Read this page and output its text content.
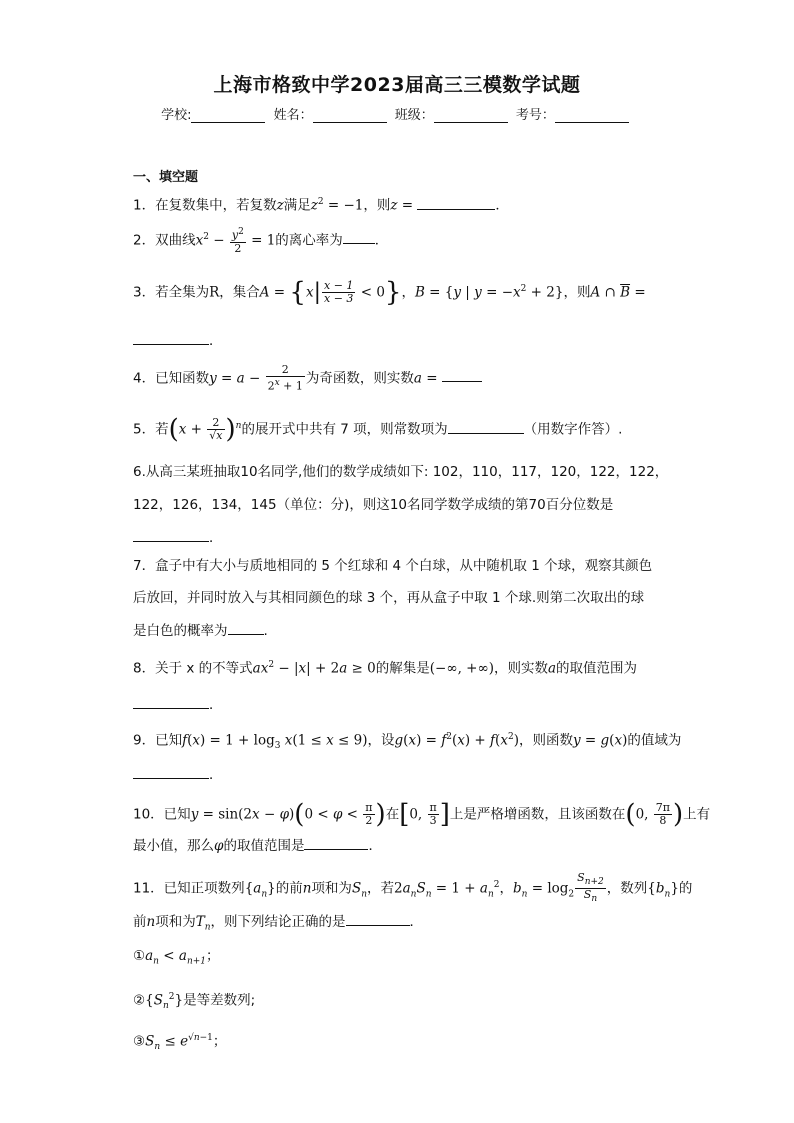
上海市格致中学2023届高三三模数学试题
学校:	姓名：	班级：	考号：
一、填空题
1．在复数集中，若复数z满足$z^2 = -1$，则z =	．
2．双曲线$x^2 - \frac{y^2}{2} = 1$的离心率为 ．
3．若全集为R，集合$A = \{x| \frac{x - 1}{x - 3} < 0\}$，B = {y | $y = -x^2 + 2$}，则A ∩ $\overline{B}$ =
．
4．已知函数$y = a - \frac{2}{2^x + 1}$ 为奇函数，则实数a =
5．若$(x + \frac{2}{√x} )^n$的展开式中共有 7 项，则常数项为	（用数字作答）.
6.从高三某班抽取10名同学,他们的数学成绩如下: 102，110，117，120，122，122，
122，126，134，145（单位：分)，则这10名同学数学成绩的第70百分位数是
．
7．盒子中有大小与质地相同的 5 个红球和 4 个白球，从中随机取 1 个球，观察其颜色
后放回，并同时放入与其相同颜色的球 3 个，再从盒子中取 1 个球.则第二次取出的球
是白色的概率为	.
8．关于 x 的不等式$ax^2 - |x| + 2a \ge 0$的解集是(−∞, +∞)，则实数a的取值范围为
．
9．已知$f(x) = 1 + \log_3 x(1 \le x \le 9)$，设$g(x) = f^2(x) + f(x^2)$，则函数y = g(x)的值域为
．
10．已知$y = \sin(2x - \varphi)(0 < \varphi < \frac{\pi}{2}$ )在[0, $\frac{\pi}{3}$ ]上是严格增函数，且该函数在(0, $\frac{7\pi}{8}$ )上有
最小值，那么φ的取值范围是	．
11．已知正项数列$\{a_n\}$的前n项和为$S_n$，若$2a_nS_n = 1 + a_n^2$，$b_n = \log_2 \frac{S_{n+2}}{S_n}$ ，数列$\{b_n\}$的
前n项和为$T_n$，则下列结论正确的是	．
$①a_n < a_{n+1}$；
$②\{S_n^2\}$是等差数列;
$③S_n \le e^{√n-1}$；
